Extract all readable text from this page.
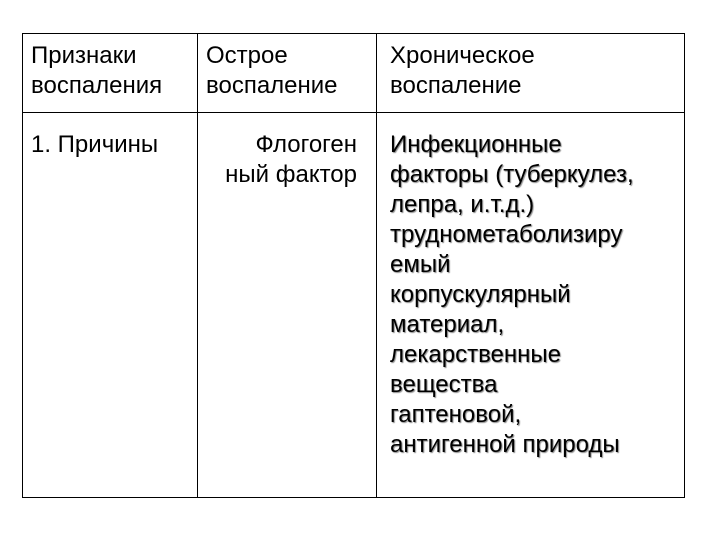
Признаки
воспаления
Острое
воспаление
Хроническое
воспаление
1. Причины	Флогоген
ный фактор
Инфекционные
факторы (туберкулез,
лепра, и.т.д.)
труднометаболизиру
емый
корпускулярный
материал,
лекарственные
вещества
гаптеновой,
антигенной природы
